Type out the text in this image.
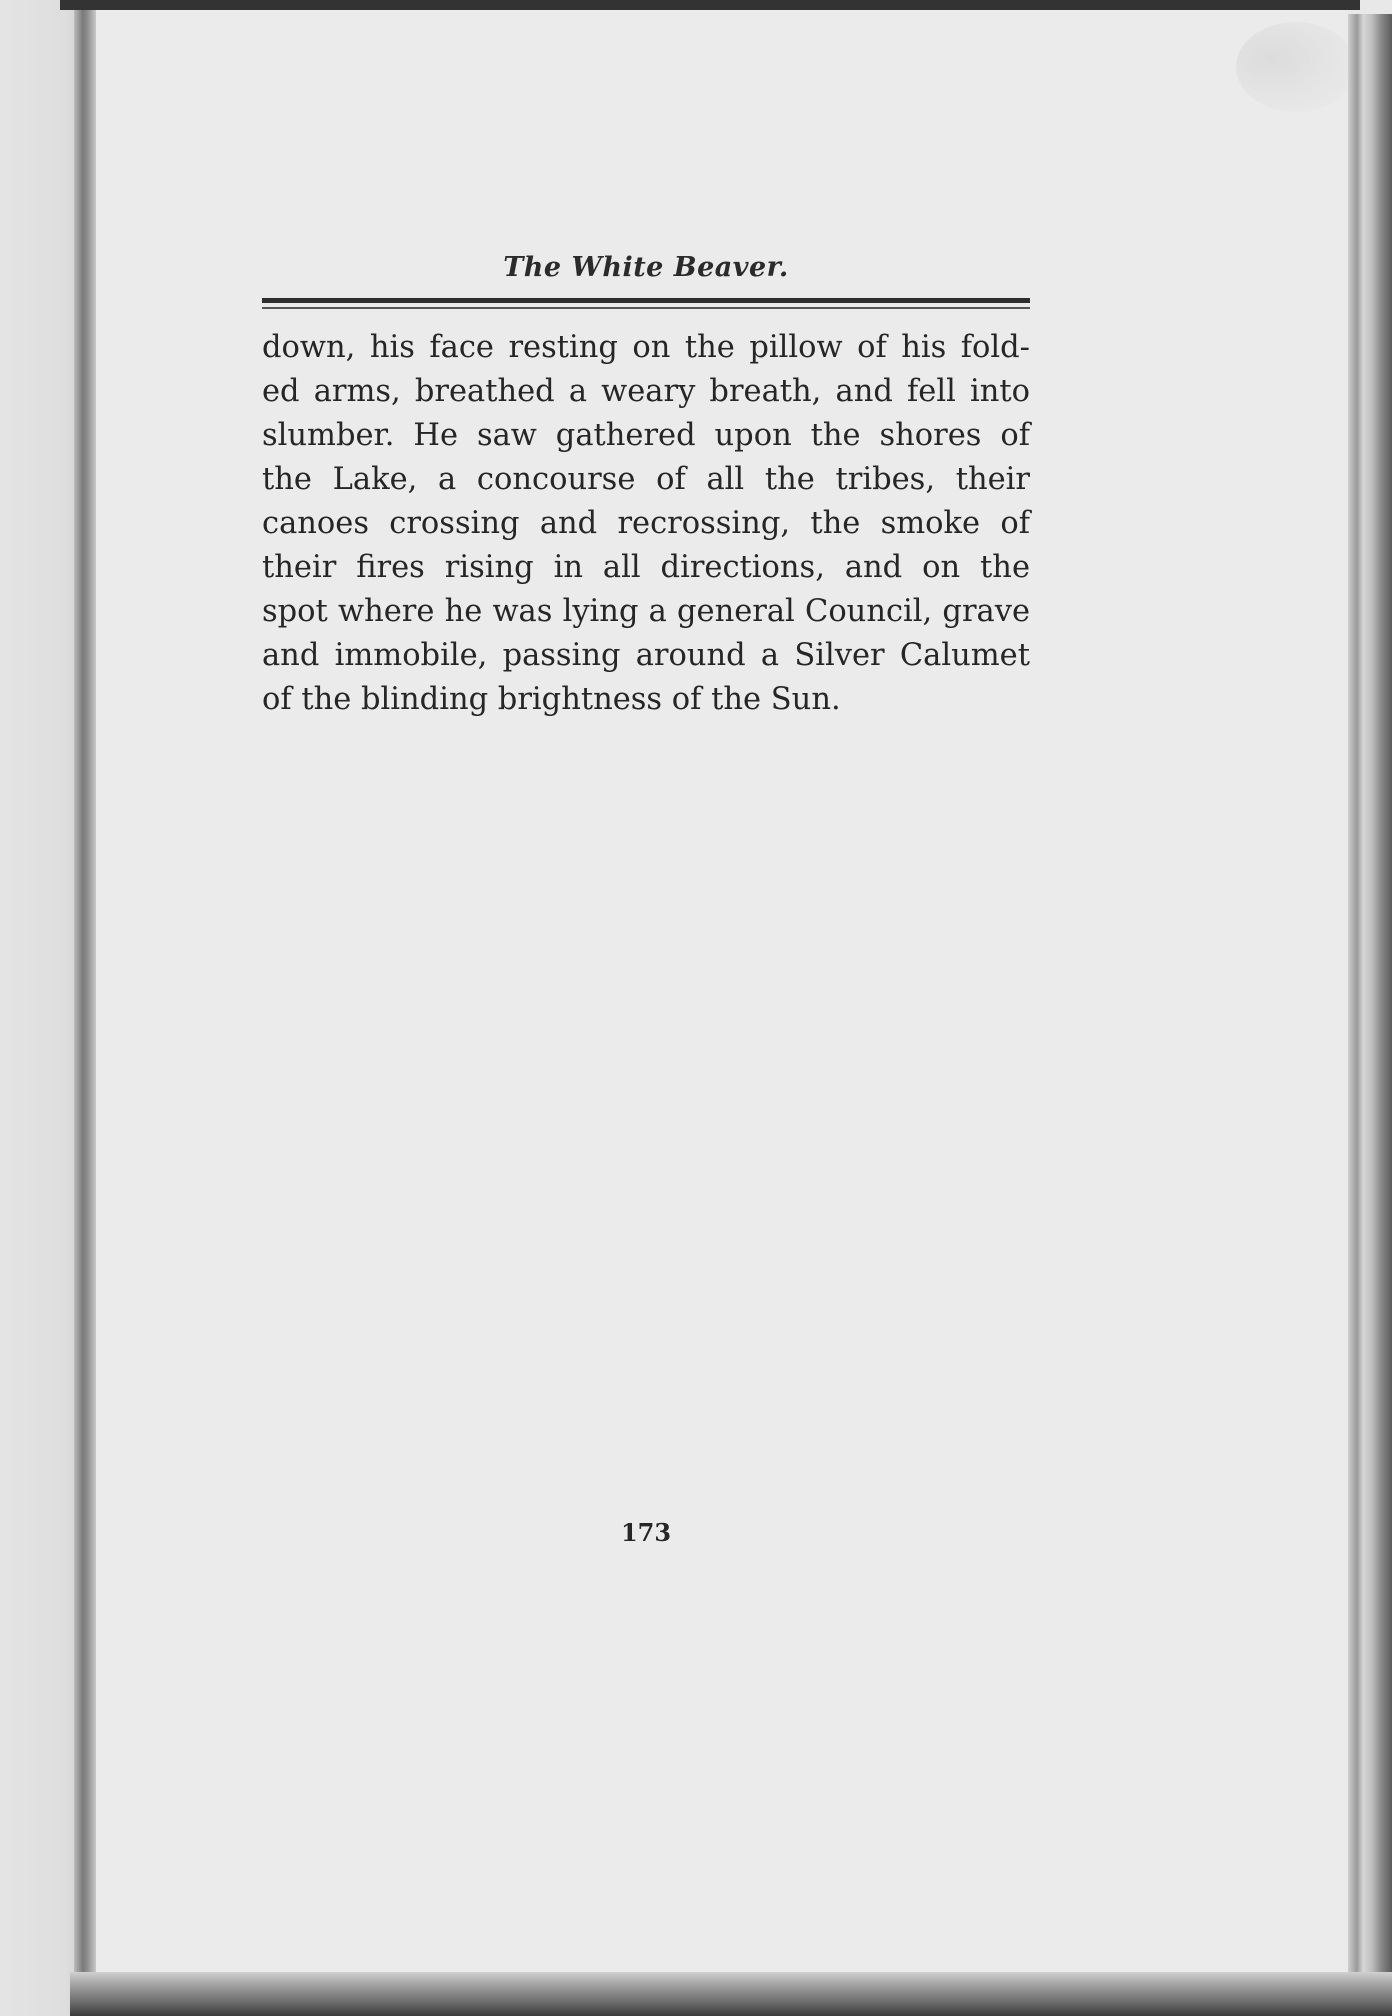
The White Beaver.
down, his face resting on the pillow of his fold-
ed arms, breathed a weary breath, and fell into
slumber. He saw gathered upon the shores of
the Lake, a concourse of all the tribes, their
canoes crossing and recrossing, the smoke of
their fires rising in all directions, and on the
spot where he was lying a general Council, grave
and immobile, passing around a Silver Calumet
of the blinding brightness of the Sun.
173
